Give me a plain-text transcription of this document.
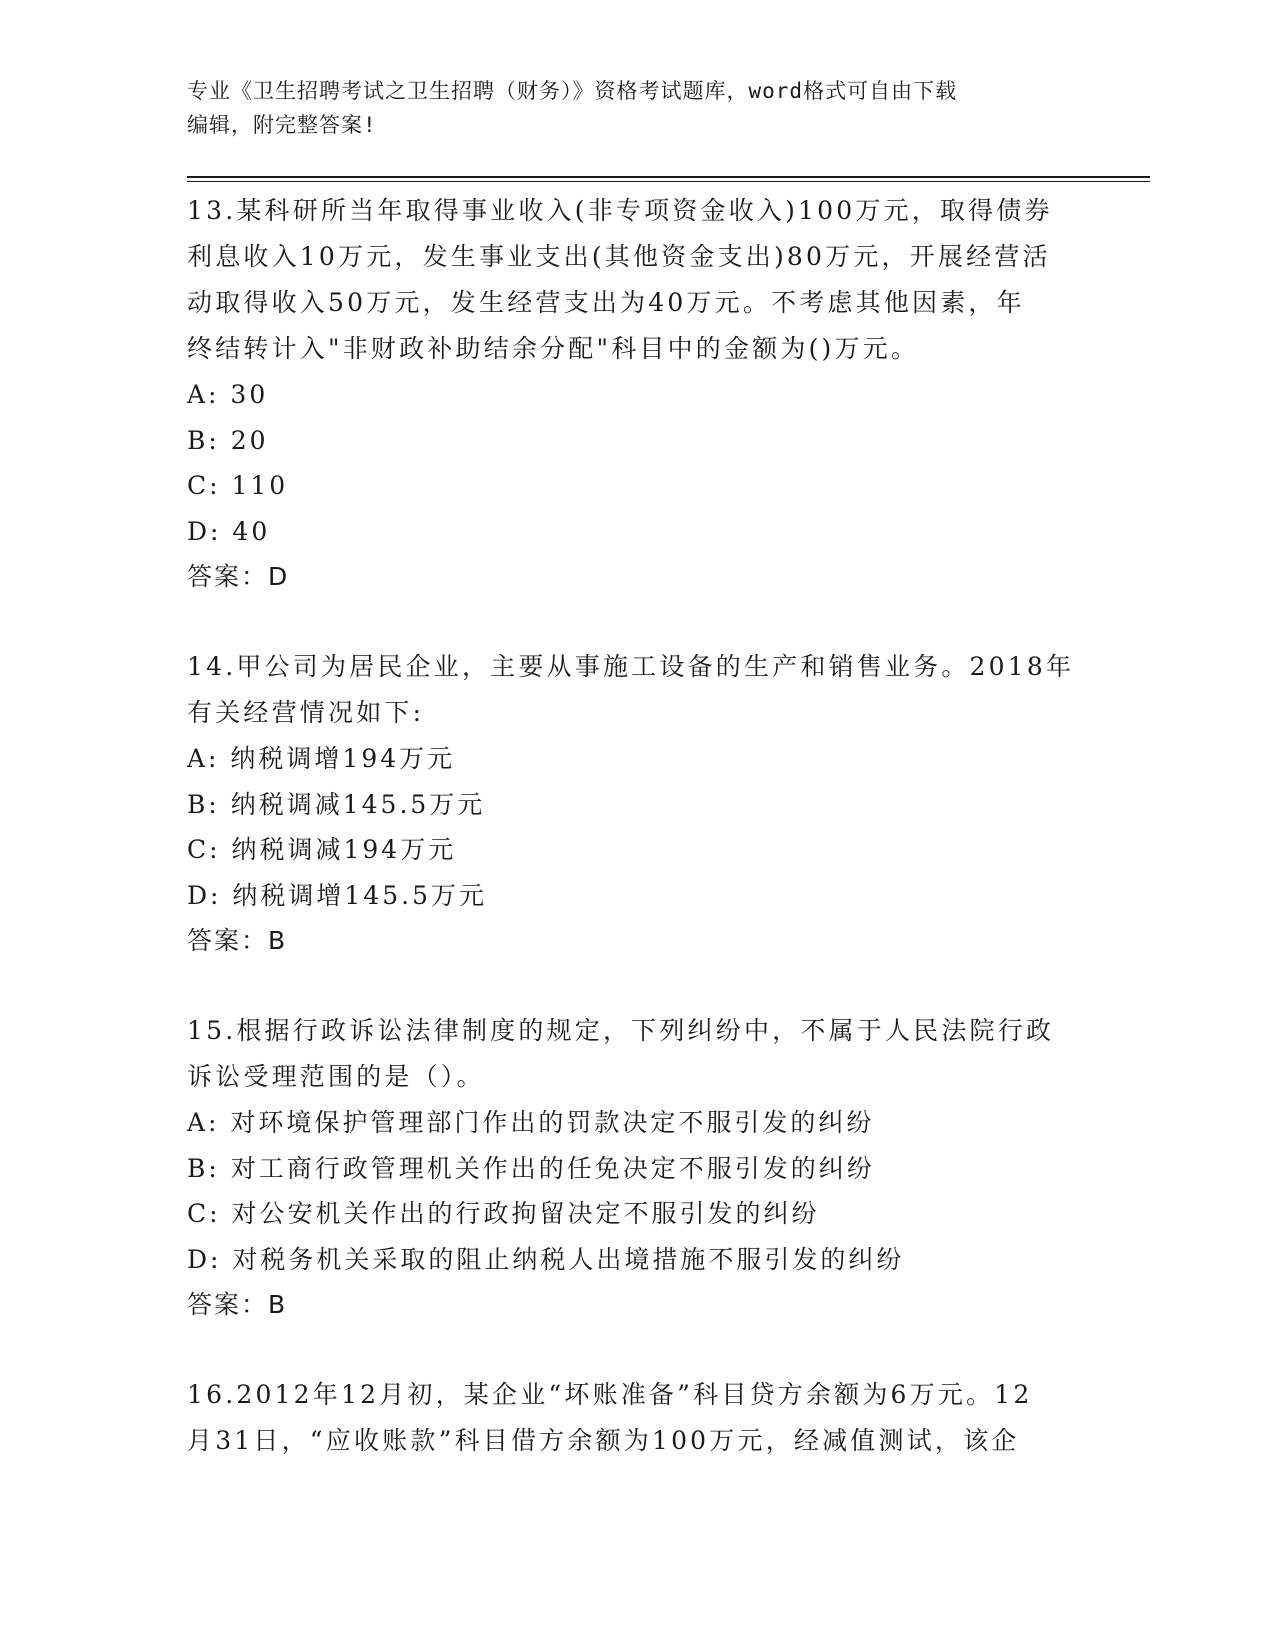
专业《卫生招聘考试之卫生招聘（财务）》资格考试题库，word格式可自由下载
编辑，附完整答案!

13.某科研所当年取得事业收入(非专项资金收入)100万元，取得债券

利息收入10万元，发生事业支出(其他资金支出)80万元，开展经营活

动取得收入50万元，发生经营支出为40万元。不考虑其他因素，年

终结转计入"非财政补助结余分配"科目中的金额为()万元。

A: 30

B: 20

C: 110

D: 40

答案：D

14.甲公司为居民企业，主要从事施工设备的生产和销售业务。2018年

有关经营情况如下:

A: 纳税调增194万元

B: 纳税调减145.5万元

C: 纳税调减194万元

D: 纳税调增145.5万元

答案：B

15.根据行政诉讼法律制度的规定，下列纠纷中，不属于人民法院行政

诉讼受理范围的是（）。

A: 对环境保护管理部门作出的罚款决定不服引发的纠纷

B: 对工商行政管理机关作出的任免决定不服引发的纠纷

C: 对公安机关作出的行政拘留决定不服引发的纠纷

D: 对税务机关采取的阻止纳税人出境措施不服引发的纠纷

答案：B

16.2012年12月初，某企业“坏账准备”科目贷方余额为6万元。12

月31日，“应收账款”科目借方余额为100万元，经减值测试，该企
